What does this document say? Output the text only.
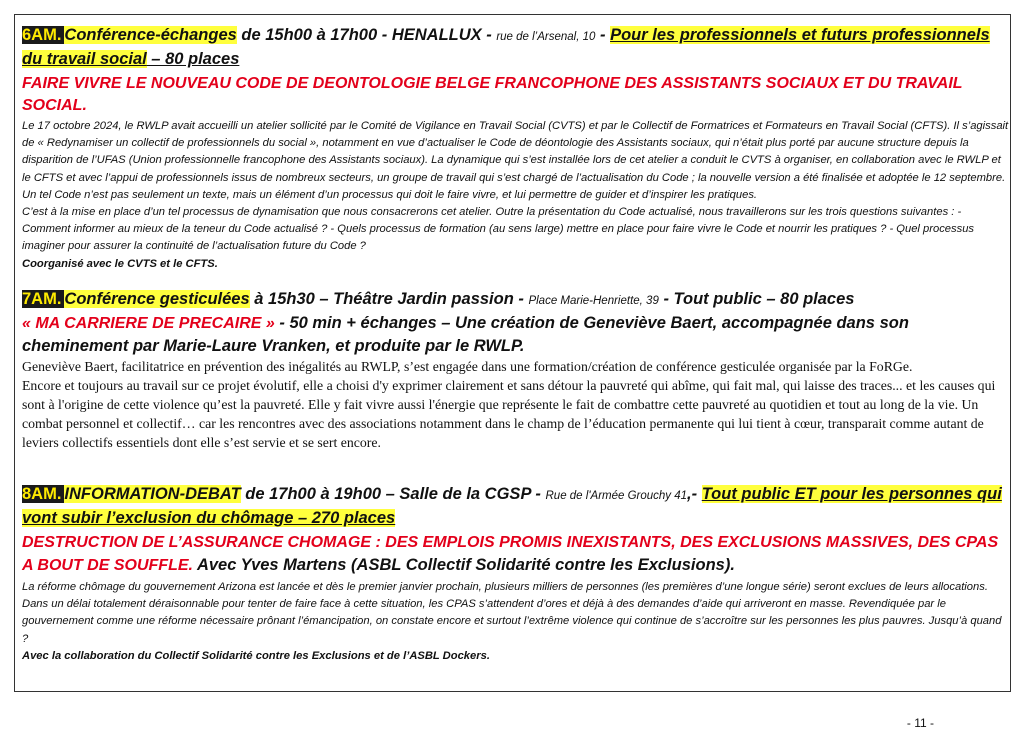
6AM. Conférence-échanges de 15h00 à 17h00 - HENALLUX - rue de l’Arsenal, 10 - Pour les professionnels et futurs professionnels du travail social – 80 places
FAIRE VIVRE LE NOUVEAU CODE DE DEONTOLOGIE BELGE FRANCOPHONE DES ASSISTANTS SOCIAUX ET DU TRAVAIL SOCIAL.

Le 17 octobre 2024, le RWLP avait accueilli un atelier sollicité par le Comité de Vigilance en Travail Social (CVTS) et par le Collectif de Formatrices et Formateurs en Travail Social (CFTS). Il s’agissait de « Redynamiser un collectif de professionnels du social », notamment en vue d’actualiser le Code de déontologie des Assistants sociaux, qui n’était plus porté par aucune structure depuis la disparition de l’UFAS (Union professionnelle francophone des Assistants sociaux). La dynamique qui s’est installée lors de cet atelier a conduit le CVTS à organiser, en collaboration avec le RWLP et le CFTS et avec l’appui de professionnels issus de nombreux secteurs, un groupe de travail qui s’est chargé de l’actualisation du Code ; la nouvelle version a été finalisée et adoptée le 12 septembre.

Un tel Code n’est pas seulement un texte, mais un élément d’un processus qui doit le faire vivre, et lui permettre de guider et d’inspirer les pratiques.

C’est à la mise en place d’un tel processus de dynamisation que nous consacrerons cet atelier. Outre la présentation du Code actualisé, nous travaillerons sur les trois questions suivantes : - Comment informer au mieux de la teneur du Code actualisé ? - Quels processus de formation (au sens large) mettre en place pour faire vivre le Code et nourrir les pratiques ? - Quel processus imaginer pour assurer la continuité de l’actualisation future du Code ?

Coorganisé avec le CVTS et le CFTS.

7AM. Conférence gesticulées à 15h30 – Théâtre Jardin passion - Place Marie-Henriette, 39 - Tout public – 80 places
« MA CARRIERE DE PRECAIRE » - 50 min + échanges – Une création de Geneviève Baert, accompagnée dans son cheminement par Marie-Laure Vranken, et produite par le RWLP.

Geneviève Baert, facilitatrice en prévention des inégalités au RWLP, s’est engagée dans une formation/création de conférence gesticulée organisée par la FoRGe.

Encore et toujours au travail sur ce projet évolutif, elle a choisi d'y exprimer clairement et sans détour la pauvreté qui abîme, qui fait mal, qui laisse des traces... et les causes qui sont à l'origine de cette violence qu’est la pauvreté. Elle y fait vivre aussi l'énergie que représente le fait de combattre cette pauvreté au quotidien et tout au long de la vie. Un combat personnel et collectif… car les rencontres avec des associations notamment dans le champ de l’éducation permanente qui lui tient à cœur, transparait comme autant de leviers collectifs essentiels dont elle s’est servie et se sert encore.

8AM. INFORMATION-DEBAT de 17h00 à 19h00 – Salle de la CGSP - Rue de l'Armée Grouchy 41,- Tout public ET pour les personnes qui vont subir l’exclusion du chômage – 270 places
DESTRUCTION DE L’ASSURANCE CHOMAGE : DES EMPLOIS PROMIS INEXISTANTS, DES EXCLUSIONS MASSIVES, DES CPAS A BOUT DE SOUFFLE. Avec Yves Martens (ASBL Collectif Solidarité contre les Exclusions).

La réforme chômage du gouvernement Arizona est lancée et dès le premier janvier prochain, plusieurs milliers de personnes (les premières d’une longue série) seront exclues de leurs allocations. Dans un délai totalement déraisonnable pour tenter de faire face à cette situation, les CPAS s’attendent d’ores et déjà à des demandes d’aide qui arriveront en masse. Revendiquée par le gouvernement comme une réforme nécessaire prônant l’émancipation, on constate encore et surtout l’extrême violence qui continue de s’accroître sur les personnes les plus pauvres. Jusqu’à quand ?

Avec la collaboration du Collectif Solidarité contre les Exclusions et de l’ASBL Dockers.

- 11 -
